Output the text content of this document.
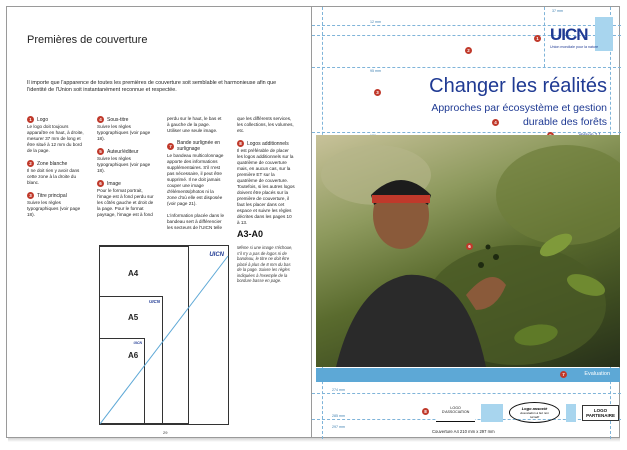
Premières de couverture
Il importe que l'apparence de toutes les premières de couverture soit semblable et harmonieuse afin que l'identité de l'Union soit instantanément reconnue et respectée.
1	Logo
Le logo doit toujours apparaître en haut, à droite, mesurer 37 mm de long et être situé à 12 mm du bord de la page.
2	Zone blanche
Il ne doit rien y avoir dans cette zone à la droite du blanc.
3	Titre principal
Suivre les règles typographiques (voir page 18).
4	Sous-titre
Suivre les règles typographiques (voir page 18).
5	Auteur/éditeur
Suivre les règles typographiques (voir page 18).
6	Image
Pour le format portrait, l'image est à fond perdu sur les côtés gauche et droit de la page. Pour le format paysage, l'image est à fond
perdu sur le haut, le bas et à gauche de la page. Utiliser une seule image.
7	Bande surlignée en surlignage
Le bandeau multicolonnage apporte des informations supplémentaires. S'il n'est pas nécessaire, il peut être supprimé. Il ne doit jamais couper une image d'éléments/photos ni la zone d'où elle est disposée (voir page 21).
L'information placée dans le bandeau sert à différencier les secteurs de l'UICN telle
que les différents services, les collections, les volumes, etc.
8	Logos additionnels
Il est préférable de placer les logos additionnels sur la quatrième de couverture mais, en aucun cas, sur la première ET sur la quatrième de couverture. Toutefois, si les autres logos doivent être placés sur la première de couverture, il faut les placer dans cet espace et suivre les règles décrites dans les pages 10 à 13.
A3-A0
Même si une image s'échoue, s'il n'y a pas de logos ni de bandeau, le titre ne doit être placé à plus de 8 mm du bas de la page. Suivre les règles indiquées à l'exemple de la bordure basse en page.
UICN
A4
A5
UICN
A6
UICN
29
12 mm
37 mm
95 mm
274 mm
285 mm
297 mm
UICN
Union mondiale pour la nature
1
2
3	Changer les réalités
Approches par écosystème et gestion
durable des forêts
4
6
7	Evaluation
8
LOGO D'ASSOCIATION
Logo associé
Association à but non lucratif
LOGO
PARTENAIRE
Couverture A4 210 mm x 297 mm
